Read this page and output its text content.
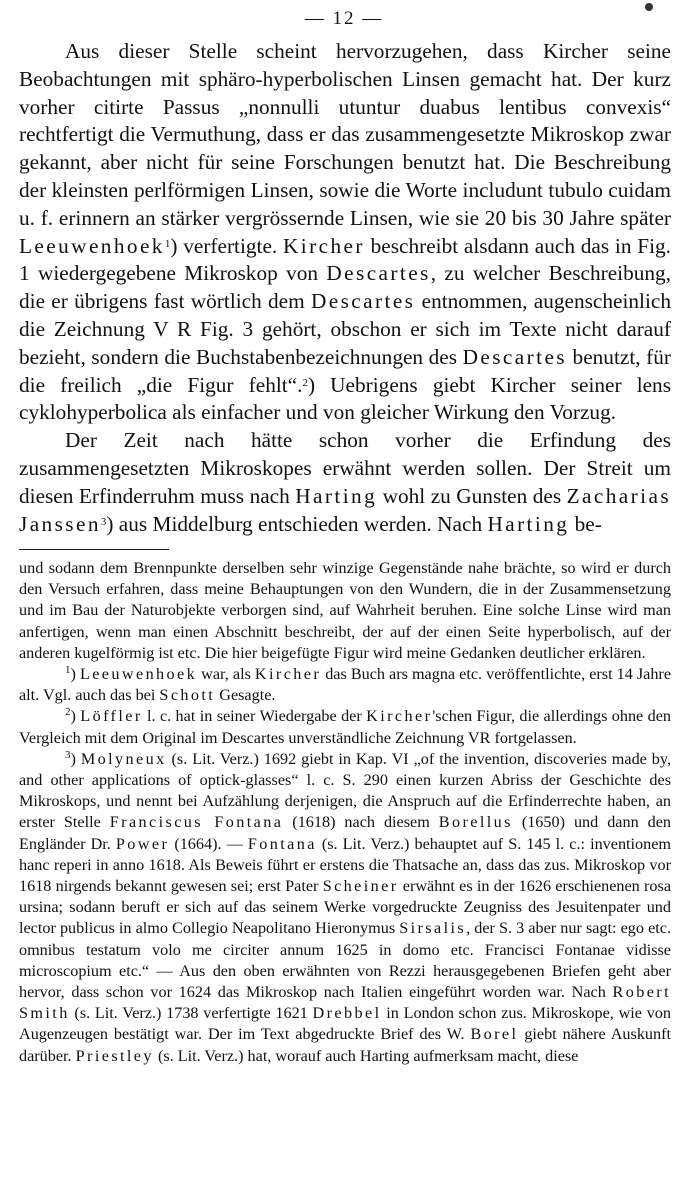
— 12 —

Aus dieser Stelle scheint hervorzugehen, dass Kircher seine Beobachtungen mit sphäro-hyperbolischen Linsen gemacht hat. Der kurz vorher citirte Passus „nonnulli utuntur duabus lentibus convexis“ rechtfertigt die Vermuthung, dass er das zusammengesetzte Mikroskop zwar gekannt, aber nicht für seine Forschungen benutzt hat. Die Beschreibung der kleinsten perlförmigen Linsen, sowie die Worte includunt tubulo cuidam u. f. erinnern an stärker vergrössernde Linsen, wie sie 20 bis 30 Jahre später Leeuwenhoek$^1$) verfertigte. Kircher beschreibt alsdann auch das in Fig. 1 wiedergegebene Mikroskop von Descartes, zu welcher Beschreibung, die er übrigens fast wörtlich dem Descartes entnommen, augenscheinlich die Zeichnung V R Fig. 3 gehört, obschon er sich im Texte nicht darauf bezieht, sondern die Buchstabenbezeichnungen des Descartes benutzt, für die freilich „die Figur fehlt“.$^2$) Uebrigens giebt Kircher seiner lens cyklohyperbolica als einfacher und von gleicher Wirkung den Vorzug.

Der Zeit nach hätte schon vorher die Erfindung des zusammengesetzten Mikroskopes erwähnt werden sollen. Der Streit um diesen Erfinderruhm muss nach Harting wohl zu Gunsten des Zacharias Janssen$^3$) aus Middelburg entschieden werden. Nach Harting be-

und sodann dem Brennpunkte derselben sehr winzige Gegenstände nahe brächte, so wird er durch den Versuch erfahren, dass meine Behauptungen von den Wundern, die in der Zusammensetzung und im Bau der Naturobjekte verborgen sind, auf Wahrheit beruhen. Eine solche Linse wird man anfertigen, wenn man einen Abschnitt beschreibt, der auf der einen Seite hyperbolisch, auf der anderen kugelförmig ist etc. Die hier beigefügte Figur wird meine Gedanken deutlicher erklären.

$^1$) Leeuwenhoek war, als Kircher das Buch ars magna etc. veröffentlichte, erst 14 Jahre alt. Vgl. auch das bei Schott Gesagte.

$^2$) Löffler l. c. hat in seiner Wiedergabe der Kircher'schen Figur, die allerdings ohne den Vergleich mit dem Original im Descartes unverständliche Zeichnung VR fortgelassen.

$^3$) Molyneux (s. Lit. Verz.) 1692 giebt in Kap. VI „of the invention, discoveries made by, and other applications of optick-glasses“ l. c. S. 290 einen kurzen Abriss der Geschichte des Mikroskops, und nennt bei Aufzählung derjenigen, die Anspruch auf die Erfinderrechte haben, an erster Stelle Franciscus Fontana (1618) nach diesem Borellus (1650) und dann den Engländer Dr. Power (1664). — Fontana (s. Lit. Verz.) behauptet auf S. 145 l. c.: inventionem hanc reperi in anno 1618. Als Beweis führt er erstens die Thatsache an, dass das zus. Mikroskop vor 1618 nirgends bekannt gewesen sei; erst Pater Scheiner erwähnt es in der 1626 erschienenen rosa ursina; sodann beruft er sich auf das seinem Werke vorgedruckte Zeugniss des Jesuitenpater und lector publicus in almo Collegio Neapolitano Hieronymus Sirsalis, der S. 3 aber nur sagt: ego etc. omnibus testatum volo me circiter annum 1625 in domo etc. Francisci Fontanae vidisse microscopium etc.“ — Aus den oben erwähnten von Rezzi herausgegebenen Briefen geht aber hervor, dass schon vor 1624 das Mikroskop nach Italien eingeführt worden war. Nach Robert Smith (s. Lit. Verz.) 1738 verfertigte 1621 Drebbel in London schon zus. Mikroskope, wie von Augenzeugen bestätigt war. Der im Text abgedruckte Brief des W. Borel giebt nähere Auskunft darüber. Priestley (s. Lit. Verz.) hat, worauf auch Harting aufmerksam macht, diese
